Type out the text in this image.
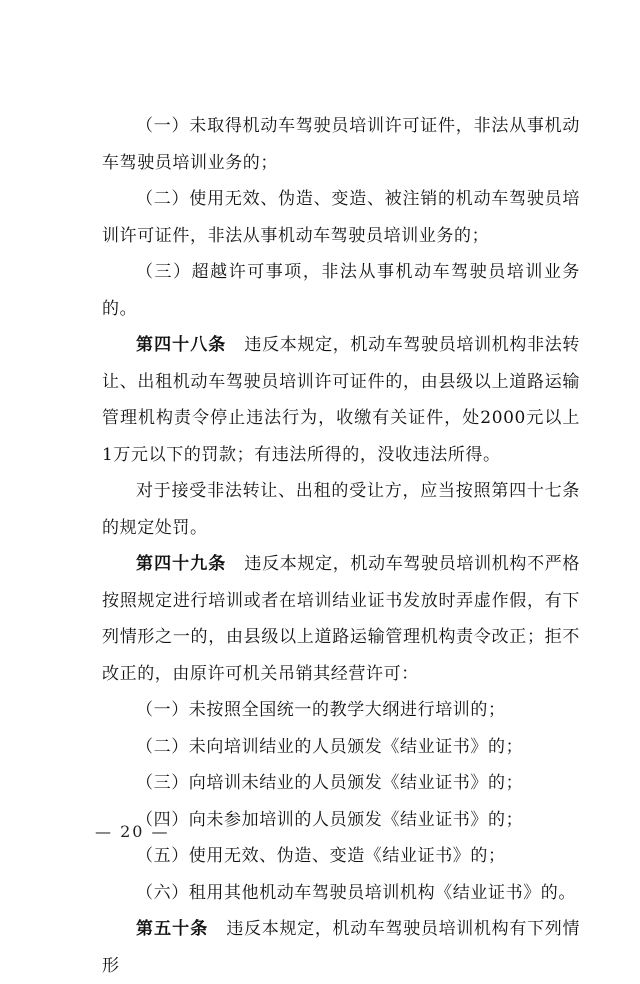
（一）未取得机动车驾驶员培训许可证件，非法从事机动车驾驶员培训业务的；

（二）使用无效、伪造、变造、被注销的机动车驾驶员培训许可证件，非法从事机动车驾驶员培训业务的；

（三）超越许可事项，非法从事机动车驾驶员培训业务的。

第四十八条 违反本规定，机动车驾驶员培训机构非法转让、出租机动车驾驶员培训许可证件的，由县级以上道路运输管理机构责令停止违法行为，收缴有关证件，处2000元以上1万元以下的罚款；有违法所得的，没收违法所得。

对于接受非法转让、出租的受让方，应当按照第四十七条的规定处罚。

第四十九条 违反本规定，机动车驾驶员培训机构不严格按照规定进行培训或者在培训结业证书发放时弄虚作假，有下列情形之一的，由县级以上道路运输管理机构责令改正；拒不改正的，由原许可机关吊销其经营许可：

（一）未按照全国统一的教学大纲进行培训的；

（二）未向培训结业的人员颁发《结业证书》的；

（三）向培训未结业的人员颁发《结业证书》的；

（四）向未参加培训的人员颁发《结业证书》的；

（五）使用无效、伪造、变造《结业证书》的；

（六）租用其他机动车驾驶员培训机构《结业证书》的。

第五十条 违反本规定，机动车驾驶员培训机构有下列情形

— 20 —
